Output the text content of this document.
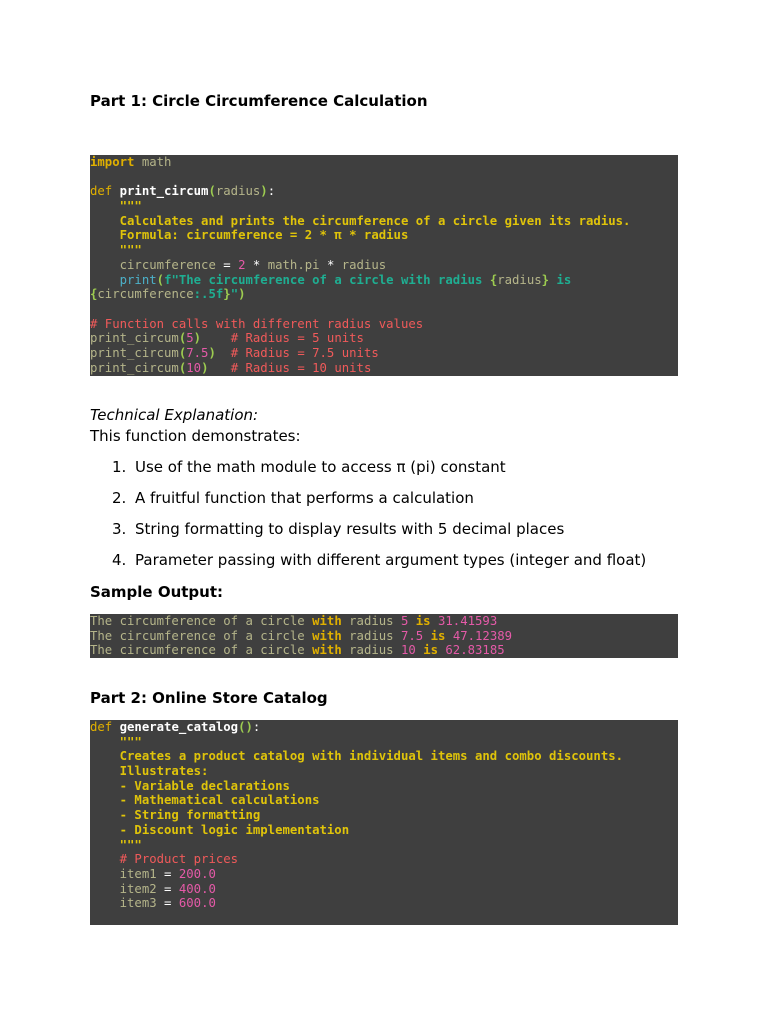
Part 1: Circle Circumference Calculation
import math
def print_circum(radius):
"""
Calculates and prints the circumference of a circle given its radius.
Formula: circumference = 2 * π * radius
"""
circumference = 2 * math.pi * radius
print(f"The circumference of a circle with radius {radius} is
{circumference:.5f}")
# Function calls with different radius values
print_circum(5) # Radius = 5 units
print_circum(7.5) # Radius = 7.5 units
print_circum(10) # Radius = 10 units
Technical Explanation:
This function demonstrates:
1. Use of the math module to access π (pi) constant
2. A fruitful function that performs a calculation
3. String formatting to display results with 5 decimal places
4. Parameter passing with different argument types (integer and float)
Sample Output:
The circumference of a circle with radius 5 is 31.41593
The circumference of a circle with radius 7.5 is 47.12389
The circumference of a circle with radius 10 is 62.83185
Part 2: Online Store Catalog
def generate_catalog():
"""
Creates a product catalog with individual items and combo discounts.
Illustrates:
- Variable declarations
- Mathematical calculations
- String formatting
- Discount logic implementation
"""
# Product prices
item1 = 200.0
item2 = 400.0
item3 = 600.0
